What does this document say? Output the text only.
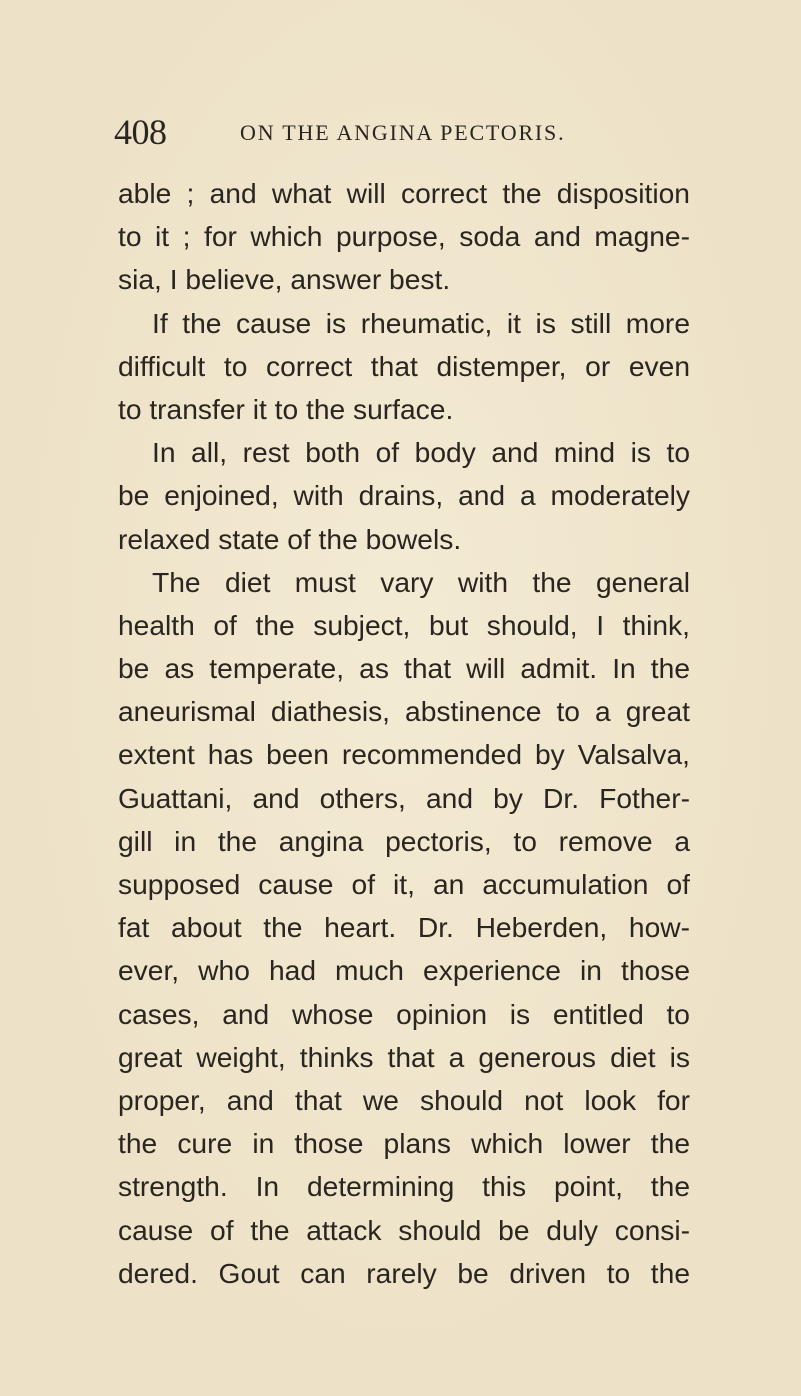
408	ON THE ANGINA PECTORIS.
able ; and what will correct the disposition
to it ; for which purpose, soda and magne-
sia, I believe, answer best.
If the cause is rheumatic, it is still more
difficult to correct that distemper, or even
to transfer it to the surface.
In all, rest both of body and mind is to
be enjoined, with drains, and a moderately
relaxed state of the bowels.
The diet must vary with the general
health of the subject, but should, I think,
be as temperate, as that will admit. In the
aneurismal diathesis, abstinence to a great
extent has been recommended by Valsalva,
Guattani, and others, and by Dr. Fother-
gill in the angina pectoris, to remove a
supposed cause of it, an accumulation of
fat about the heart. Dr. Heberden, how-
ever, who had much experience in those
cases, and whose opinion is entitled to
great weight, thinks that a generous diet is
proper, and that we should not look for
the cure in those plans which lower the
strength. In determining this point, the
cause of the attack should be duly consi-
dered. Gout can rarely be driven to the
